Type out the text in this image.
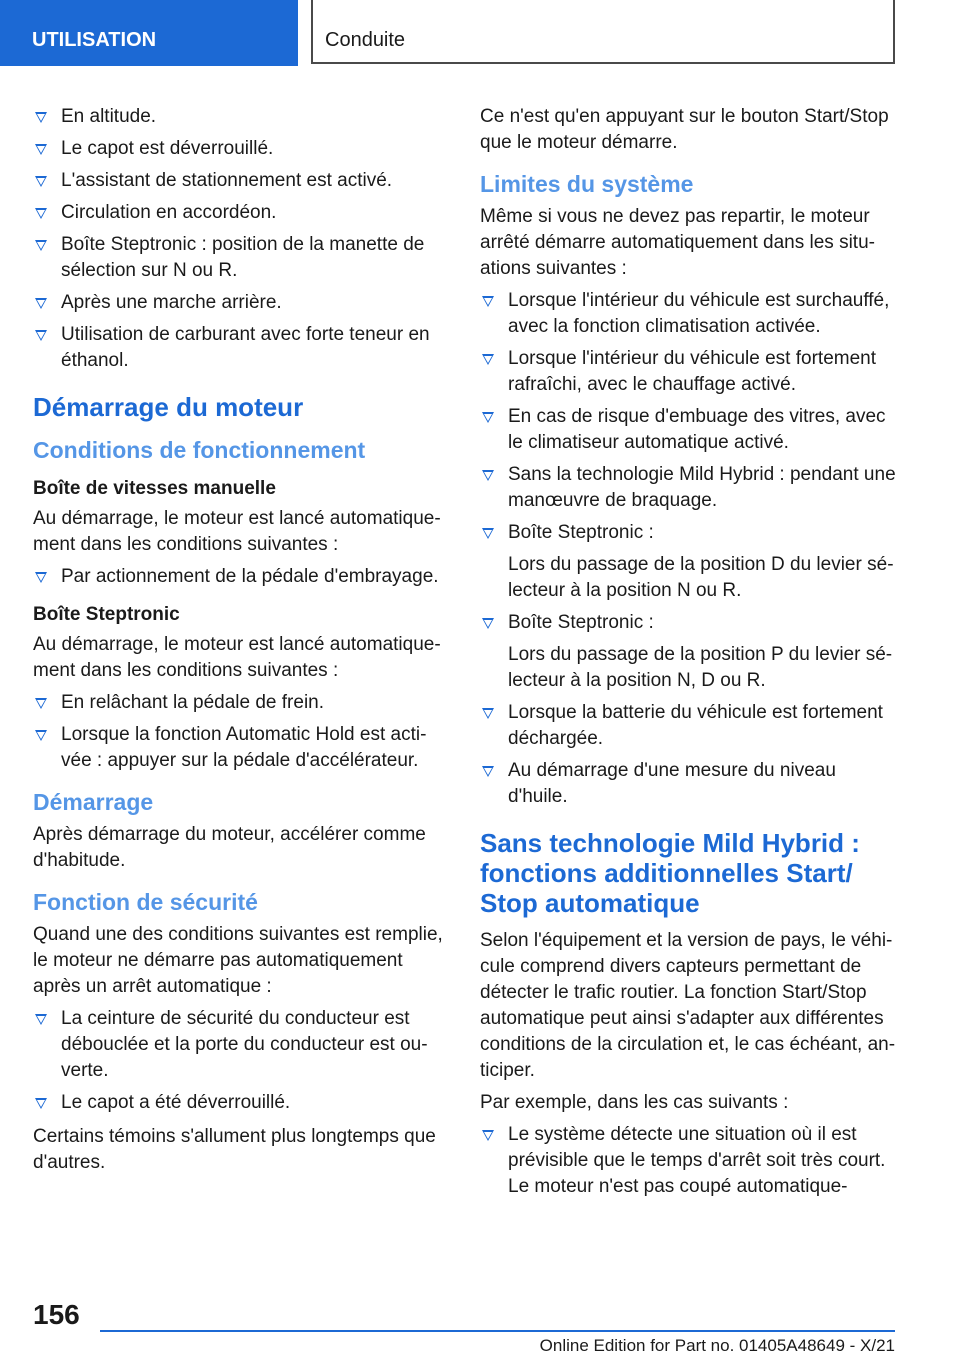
UTILISATION	Conduite
En altitude.
Le capot est déverrouillé.
L'assistant de stationnement est activé.
Circulation en accordéon.
Boîte Steptronic : position de la manette de sélection sur N ou R.
Après une marche arrière.
Utilisation de carburant avec forte teneur en éthanol.
Démarrage du moteur
Conditions de fonctionnement
Boîte de vitesses manuelle

Au démarrage, le moteur est lancé automatiquement dans les conditions suivantes :

Par actionnement de la pédale d'embrayage.
Boîte Steptronic

Au démarrage, le moteur est lancé automatiquement dans les conditions suivantes :

En relâchant la pédale de frein.
Lorsque la fonction Automatic Hold est activée : appuyer sur la pédale d'accélérateur.
Démarrage

Après démarrage du moteur, accélérer comme d'habitude.

Fonction de sécurité

Quand une des conditions suivantes est remplie, le moteur ne démarre pas automatiquement après un arrêt automatique :

La ceinture de sécurité du conducteur est débouclée et la porte du conducteur est ouverte.
Le capot a été déverrouillé.

Certains témoins s'allument plus longtemps que d'autres.

Ce n'est qu'en appuyant sur le bouton Start/Stop que le moteur démarre.

Limites du système

Même si vous ne devez pas repartir, le moteur arrêté démarre automatiquement dans les situations suivantes :

Lorsque l'intérieur du véhicule est surchauffé, avec la fonction climatisation activée.
Lorsque l'intérieur du véhicule est fortement rafraîchi, avec le chauffage activé.
En cas de risque d'embuage des vitres, avec le climatiseur automatique activé.
Sans la technologie Mild Hybrid : pendant une manœuvre de braquage.
Boîte Steptronic :

Lors du passage de la position D du levier sélecteur à la position N ou R.

Boîte Steptronic :

Lors du passage de la position P du levier sélecteur à la position N, D ou R.

Lorsque la batterie du véhicule est fortement déchargée.
Au démarrage d'une mesure du niveau d'huile.
Sans technologie Mild Hybrid : fonctions additionnelles Start/ Stop automatique

Selon l'équipement et la version de pays, le véhicule comprend divers capteurs permettant de détecter le trafic routier. La fonction Start/Stop automatique peut ainsi s'adapter aux différentes conditions de la circulation et, le cas échéant, anticiper.

Par exemple, dans les cas suivants :

Le système détecte une situation où il est prévisible que le temps d'arrêt soit très court. Le moteur n'est pas coupé automatique-
156
Online Edition for Part no. 01405A48649 - X/21
